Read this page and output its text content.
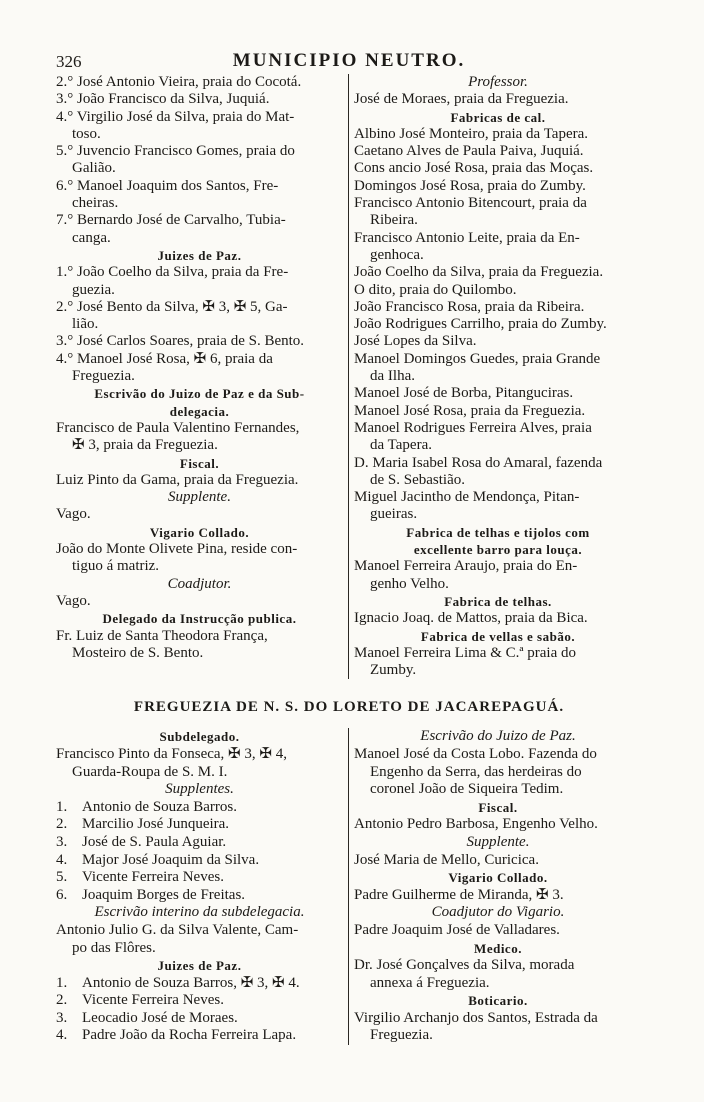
326	MUNICIPIO NEUTRO.
2.° José Antonio Vieira, praia do Cocotá.
3.° João Francisco da Silva, Juquiá.
4.° Virgilio José da Silva, praia do Mat-
toso.
5.° Juvencio Francisco Gomes, praia do
Galião.
6.° Manoel Joaquim dos Santos, Fre-
cheiras.
7.° Bernardo José de Carvalho, Tubia-
canga.
Juizes de Paz.
1.° João Coelho da Silva, praia da Fre-
guezia.
2.° José Bento da Silva, ✠ 3, ✠ 5, Ga-
lião.
3.° José Carlos Soares, praia de S. Bento.
4.° Manoel José Rosa, ✠ 6, praia da
Freguezia.
Escrivão do Juizo de Paz e da Sub-
delegacia.
Francisco de Paula Valentino Fernandes,
✠ 3, praia da Freguezia.
Fiscal.
Luiz Pinto da Gama, praia da Freguezia.
Supplente.
Vago.
Vigario Collado.
João do Monte Olivete Pina, reside con-
tiguo á matriz.
Coadjutor.
Vago.
Delegado da Instrucção publica.
Fr. Luiz de Santa Theodora França,
Mosteiro de S. Bento.
Professor.
José de Moraes, praia da Freguezia.
Fabricas de cal.
Albino José Monteiro, praia da Tapera.
Caetano Alves de Paula Paiva, Juquiá.
Cons ancio José Rosa, praia das Moças.
Domingos José Rosa, praia do Zumby.
Francisco Antonio Bitencourt, praia da
Ribeira.
Francisco Antonio Leite, praia da En-
genhoca.
João Coelho da Silva, praia da Freguezia.
O dito, praia do Quilombo.
João Francisco Rosa, praia da Ribeira.
João Rodrigues Carrilho, praia do Zumby.
José Lopes da Silva.
Manoel Domingos Guedes, praia Grande
da Ilha.
Manoel José de Borba, Pitanguciras.
Manoel José Rosa, praia da Freguezia.
Manoel Rodrigues Ferreira Alves, praia
da Tapera.
D. Maria Isabel Rosa do Amaral, fazenda
de S. Sebastião.
Miguel Jacintho de Mendonça, Pitan-
gueiras.
Fabrica de telhas e tijolos com
excellente barro para louça.
Manoel Ferreira Araujo, praia do En-
genho Velho.
Fabrica de telhas.
Ignacio Joaq. de Mattos, praia da Bica.
Fabrica de vellas e sabão.
Manoel Ferreira Lima & C.ª praia do
Zumby.
FREGUEZIA DE N. S. DO LORETO DE JACAREPAGUÁ.
Subdelegado.
Francisco Pinto da Fonseca, ✠ 3, ✠ 4,
Guarda-Roupa de S. M. I.
Supplentes.
1. Antonio de Souza Barros.
2. Marcilio José Junqueira.
3. José de S. Paula Aguiar.
4. Major José Joaquim da Silva.
5. Vicente Ferreira Neves.
6. Joaquim Borges de Freitas.
Escrivão interino da subdelegacia.
Antonio Julio G. da Silva Valente, Cam-
po das Flôres.
Juizes de Paz.
1. Antonio de Souza Barros, ✠ 3, ✠ 4.
2. Vicente Ferreira Neves.
3. Leocadio José de Moraes.
4. Padre João da Rocha Ferreira Lapa.
Escrivão do Juizo de Paz.
Manoel José da Costa Lobo. Fazenda do
Engenho da Serra, das herdeiras do
coronel João de Siqueira Tedim.
Fiscal.
Antonio Pedro Barbosa, Engenho Velho.
Supplente.
José Maria de Mello, Curicica.
Vigario Collado.
Padre Guilherme de Miranda, ✠ 3.
Coadjutor do Vigario.
Padre Joaquim José de Valladares.
Medico.
Dr. José Gonçalves da Silva, morada
annexa á Freguezia.
Boticario.
Virgilio Archanjo dos Santos, Estrada da
Freguezia.
